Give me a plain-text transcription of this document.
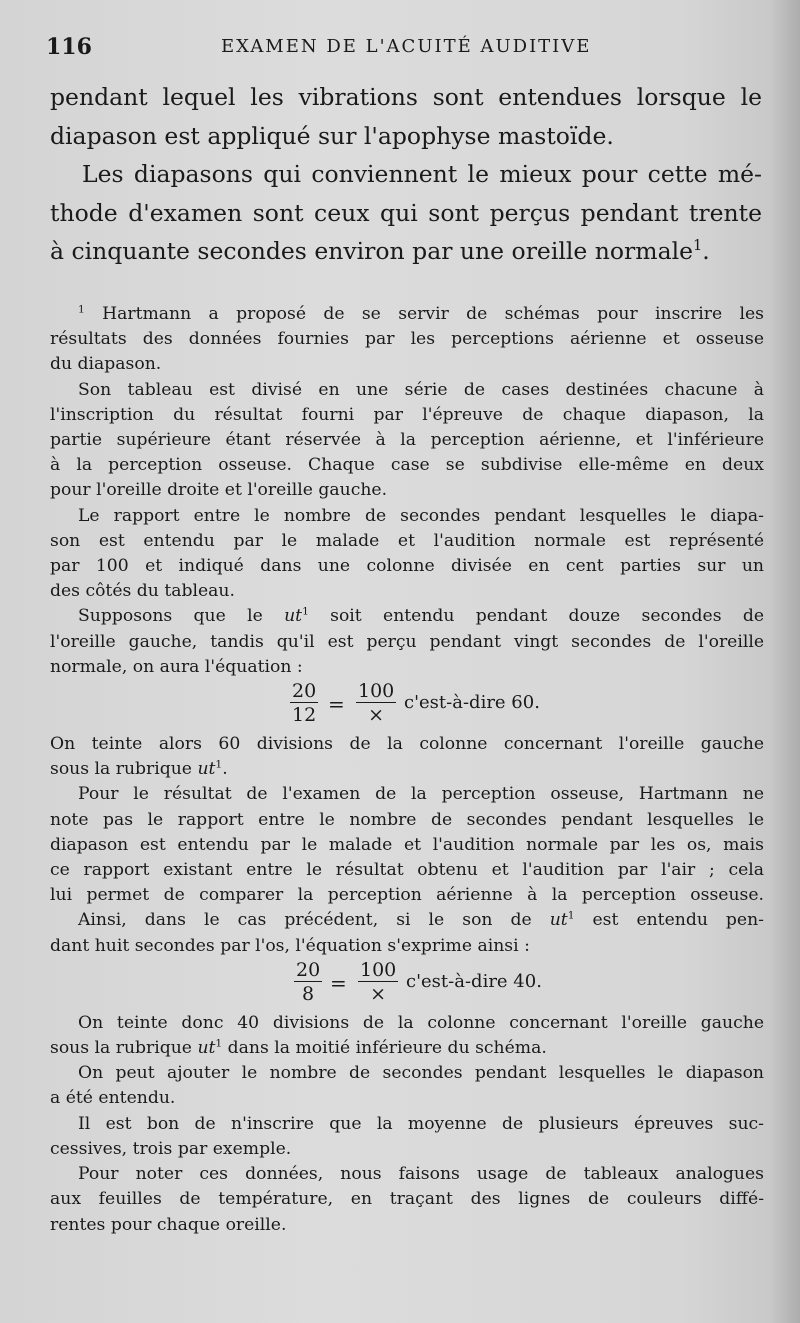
116	EXAMEN DE L'ACUITÉ AUDITIVE
pendant lequel les vibrations sont entendues lorsque le
diapason est appliqué sur l'apophyse mastoïde.
Les diapasons qui conviennent le mieux pour cette mé-
thode d'examen sont ceux qui sont perçus pendant trente
à cinquante secondes environ par une oreille normale$^1$.
$^1$ Hartmann a proposé de se servir de schémas pour inscrire les
résultats des données fournies par les perceptions aérienne et osseuse
du diapason.
Son tableau est divisé en une série de cases destinées chacune à
l'inscription du résultat fourni par l'épreuve de chaque diapason, la
partie supérieure étant réservée à la perception aérienne, et l'inférieure
à la perception osseuse. Chaque case se subdivise elle-même en deux
pour l'oreille droite et l'oreille gauche.
Le rapport entre le nombre de secondes pendant lesquelles le diapa-
son est entendu par le malade et l'audition normale est représenté
par 100 et indiqué dans une colonne divisée en cent parties sur un
des côtés du tableau.
Supposons que le $ut^1$ soit entendu pendant douze secondes de
l'oreille gauche, tandis qu'il est perçu pendant vingt secondes de l'oreille
normale, on aura l'équation :
$\frac{20}{12}$ =
100
×
c'est-à-dire 60.
On teinte alors 60 divisions de la colonne concernant l'oreille gauche
sous la rubrique $ut^1$.
Pour le résultat de l'examen de la perception osseuse, Hartmann ne
note pas le rapport entre le nombre de secondes pendant lesquelles le
diapason est entendu par le malade et l'audition normale par les os, mais
ce rapport existant entre le résultat obtenu et l'audition par l'air ; cela
lui permet de comparer la perception aérienne à la perception osseuse.
Ainsi, dans le cas précédent, si le son de $ut^1$ est entendu pen-
dant huit secondes par l'os, l'équation s'exprime ainsi :
$\frac{20}{8}$ =
100
×
c'est-à-dire 40.
On teinte donc 40 divisions de la colonne concernant l'oreille gauche
sous la rubrique $ut^1$ dans la moitié inférieure du schéma.
On peut ajouter le nombre de secondes pendant lesquelles le diapason
a été entendu.
Il est bon de n'inscrire que la moyenne de plusieurs épreuves suc-
cessives, trois par exemple.
Pour noter ces données, nous faisons usage de tableaux analogues
aux feuilles de température, en traçant des lignes de couleurs diffé-
rentes pour chaque oreille.
